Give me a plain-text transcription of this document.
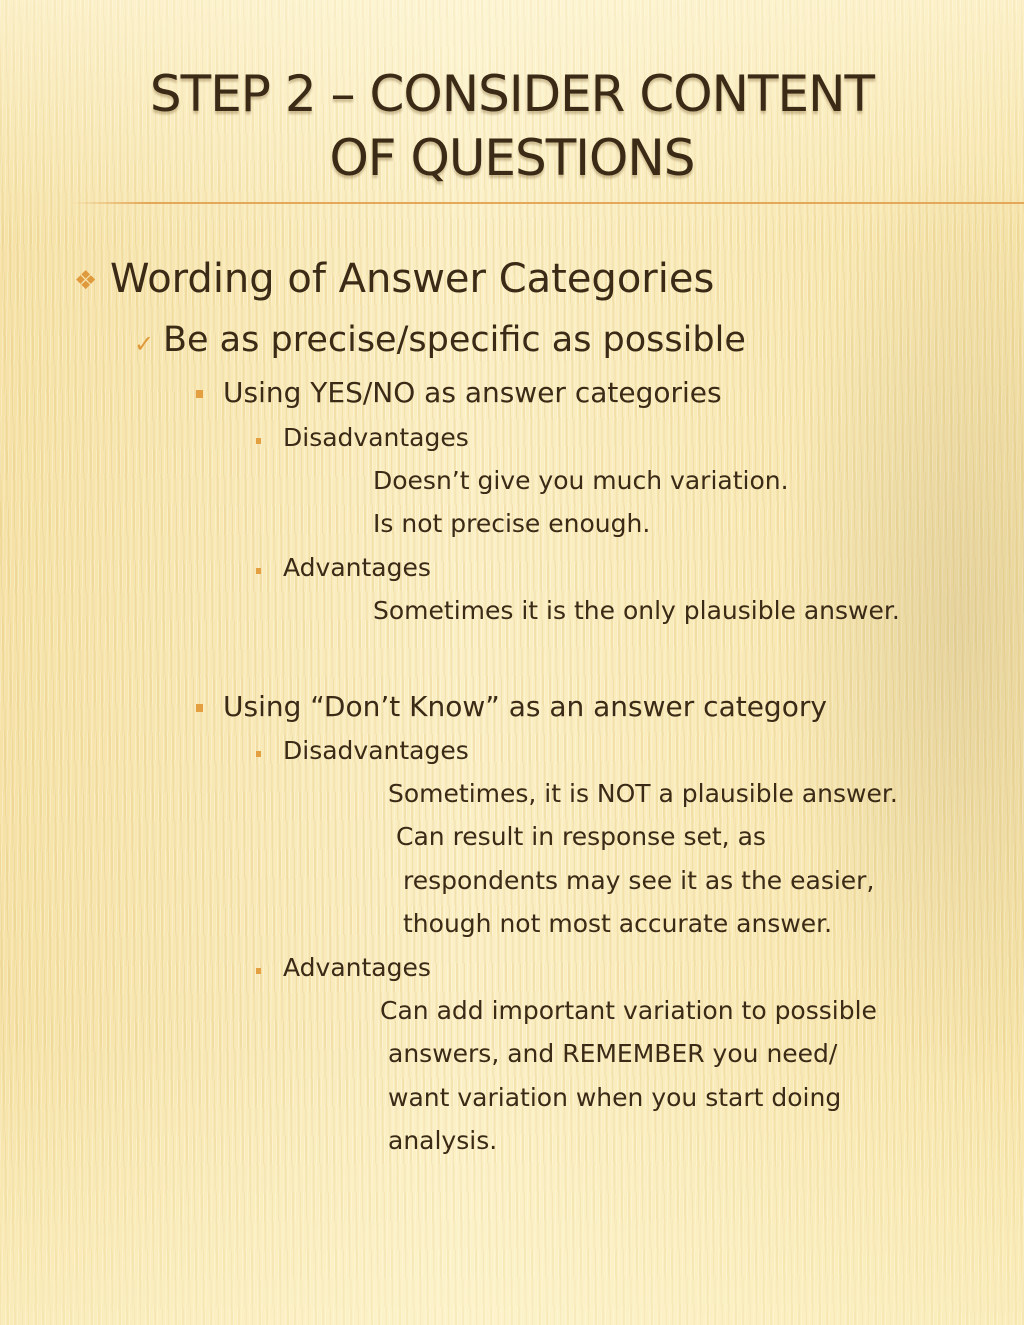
STEP 2 – CONSIDER CONTENT
OF QUESTIONS
❖ Wording of Answer Categories
✓ Be as precise/specific as possible
Using YES/NO as answer categories
Disadvantages
Doesn’t give you much variation.
Is not precise enough.
Advantages
Sometimes it is the only plausible answer.
Using “Don’t Know” as an answer category
Disadvantages
Sometimes, it is NOT a plausible answer.
Can result in response set, as
respondents may see it as the easier,
though not most accurate answer.
Advantages
Can add important variation to possible
answers, and REMEMBER you need/
want variation when you start doing
analysis.
